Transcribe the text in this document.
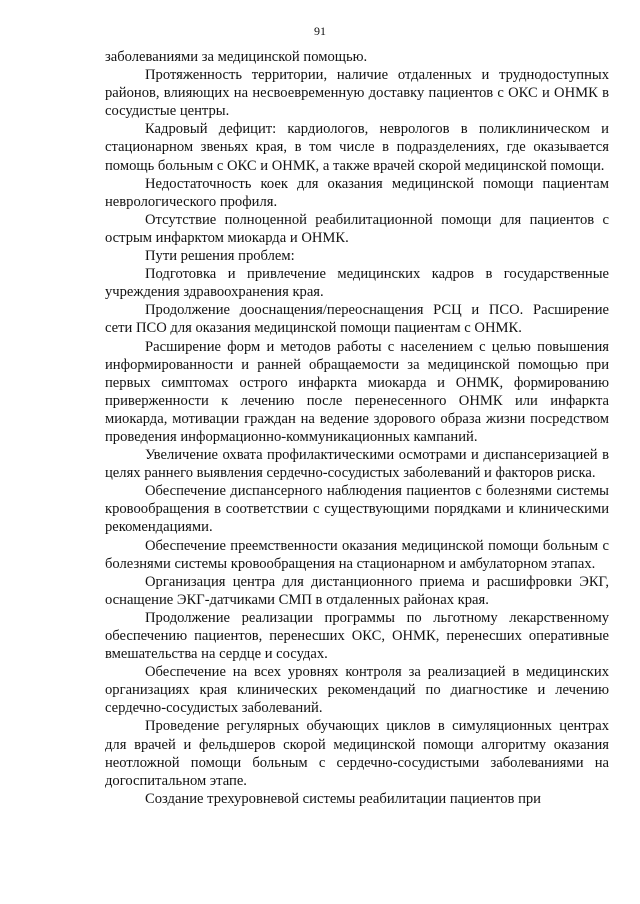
91

заболеваниями за медицинской помощью.

Протяженность территории, наличие отдаленных и труднодоступных районов, влияющих на несвоевременную доставку пациентов с ОКС и ОНМК в сосудистые центры.

Кадровый дефицит: кардиологов, неврологов в поликлиническом и стационарном звеньях края, в том числе в подразделениях, где оказывается помощь больным с ОКС и ОНМК, а также врачей скорой медицинской помощи.

Недостаточность коек для оказания медицинской помощи пациентам неврологического профиля.

Отсутствие полноценной реабилитационной помощи для пациентов с острым инфарктом миокарда и ОНМК.

Пути решения проблем:

Подготовка и привлечение медицинских кадров в государственные учреждения здравоохранения края.

Продолжение дооснащения/переоснащения РСЦ и ПСО. Расширение сети ПСО для оказания медицинской помощи пациентам с ОНМК.

Расширение форм и методов работы с населением с целью повышения информированности и ранней обращаемости за медицинской помощью при первых симптомах острого инфаркта миокарда и ОНМК, формированию приверженности к лечению после перенесенного ОНМК или инфаркта миокарда, мотивации граждан на ведение здорового образа жизни посредством проведения информационно-коммуникационных кампаний.

Увеличение охвата профилактическими осмотрами и диспансеризацией в целях раннего выявления сердечно-сосудистых заболеваний и факторов риска.

Обеспечение диспансерного наблюдения пациентов с болезнями системы кровообращения в соответствии с существующими порядками и клиническими рекомендациями.

Обеспечение преемственности оказания медицинской помощи больным с болезнями системы кровообращения на стационарном и амбулаторном этапах.

Организация центра для дистанционного приема и расшифровки ЭКГ, оснащение ЭКГ-датчиками СМП в отдаленных районах края.

Продолжение реализации программы по льготному лекарственному обеспечению пациентов, перенесших ОКС, ОНМК, перенесших оперативные вмешательства на сердце и сосудах.

Обеспечение на всех уровнях контроля за реализацией в медицинских организациях края клинических рекомендаций по диагностике и лечению сердечно-сосудистых заболеваний.

Проведение регулярных обучающих циклов в симуляционных центрах для врачей и фельдшеров скорой медицинской помощи алгоритму оказания неотложной помощи больным с сердечно-сосудистыми заболеваниями на догоспитальном этапе.

Создание трехуровневой системы реабилитации пациентов при
